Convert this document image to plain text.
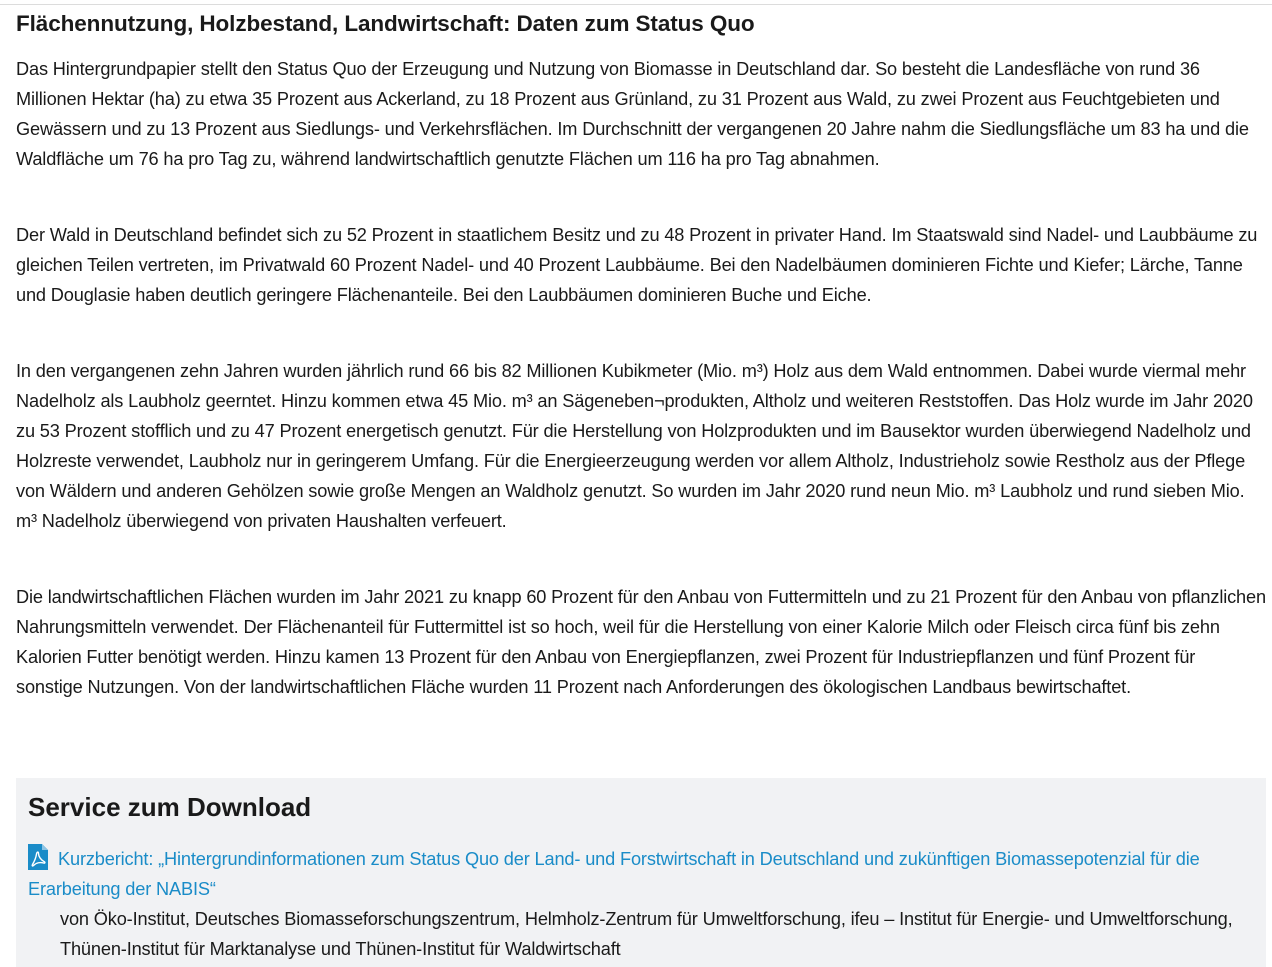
Flächennutzung, Holzbestand, Landwirtschaft: Daten zum Status Quo

Das Hintergrundpapier stellt den Status Quo der Erzeugung und Nutzung von Biomasse in Deutschland dar. So besteht die Landesfläche von rund 36 Millionen Hektar (ha) zu etwa 35 Prozent aus Ackerland, zu 18 Prozent aus Grünland, zu 31 Prozent aus Wald, zu zwei Prozent aus Feuchtgebieten und Gewässern und zu 13 Prozent aus Siedlungs- und Verkehrsflächen. Im Durchschnitt der vergangenen 20 Jahre nahm die Siedlungsfläche um 83 ha und die Waldfläche um 76 ha pro Tag zu, während landwirtschaftlich genutzte Flächen um 116 ha pro Tag abnahmen.

Der Wald in Deutschland befindet sich zu 52 Prozent in staatlichem Besitz und zu 48 Prozent in privater Hand. Im Staatswald sind Nadel- und Laubbäume zu gleichen Teilen vertreten, im Privatwald 60 Prozent Nadel- und 40 Prozent Laubbäume. Bei den Nadelbäumen dominieren Fichte und Kiefer; Lärche, Tanne und Douglasie haben deutlich geringere Flächenanteile. Bei den Laubbäumen dominieren Buche und Eiche.

In den vergangenen zehn Jahren wurden jährlich rund 66 bis 82 Millionen Kubikmeter (Mio. m³) Holz aus dem Wald entnommen. Dabei wurde viermal mehr Nadelholz als Laubholz geerntet. Hinzu kommen etwa 45 Mio. m³ an Sägeneben¬produkten, Altholz und weiteren Reststoffen. Das Holz wurde im Jahr 2020 zu 53 Prozent stofflich und zu 47 Prozent energetisch genutzt. Für die Herstellung von Holzprodukten und im Bausektor wurden überwiegend Nadelholz und Holzreste verwendet, Laubholz nur in geringerem Umfang. Für die Energieerzeugung werden vor allem Altholz, Industrieholz sowie Restholz aus der Pflege von Wäldern und anderen Gehölzen sowie große Mengen an Waldholz genutzt. So wurden im Jahr 2020 rund neun Mio. m³ Laubholz und rund sieben Mio. m³ Nadelholz überwiegend von privaten Haushalten verfeuert.

Die landwirtschaftlichen Flächen wurden im Jahr 2021 zu knapp 60 Prozent für den Anbau von Futtermitteln und zu 21 Prozent für den Anbau von pflanzlichen Nahrungsmitteln verwendet. Der Flächenanteil für Futtermittel ist so hoch, weil für die Herstellung von einer Kalorie Milch oder Fleisch circa fünf bis zehn Kalorien Futter benötigt werden. Hinzu kamen 13 Prozent für den Anbau von Energiepflanzen, zwei Prozent für Industriepflanzen und fünf Prozent für sonstige Nutzungen. Von der landwirtschaftlichen Fläche wurden 11 Prozent nach Anforderungen des ökologischen Landbaus bewirtschaftet.

Service zum Download
Kurzbericht: „Hintergrundinformationen zum Status Quo der Land- und Forstwirtschaft in Deutschland und zukünftigen Biomassepotenzial für die Erarbeitung der NABIS“
von Öko-Institut, Deutsches Biomasseforschungszentrum, Helmholz-Zentrum für Umweltforschung, ifeu – Institut für Energie- und Umweltforschung, Thünen-Institut für Marktanalyse und Thünen-Institut für Waldwirtschaft
